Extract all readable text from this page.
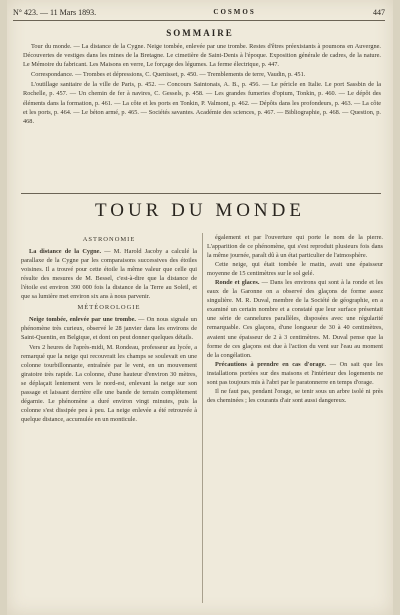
N° 423. — 11 Mars 1893.	COSMOS	447
SOMMAIRE

Tour du monde. — La distance de la Cygne. Neige tombée, enlevée par une trombe. Restes d'êtres préexistants à poumons en Auvergne. Découvertes de vestiges dans les mines de la Bretagne. Le cimetière de Saint-Denis à l'époque. Exposition générale de cadres, de la nature. Le Mémoire du fabricant. Les Maisons en verre, Le forçage des légumes. La ferme électrique, p. 447.

Correspondance. — Trombes et dépressions, C. Quenisset, p. 450. — Tremblements de terre, Vaudin, p. 451.

L'outillage sanitaire de la ville de Paris, p. 452. — Concours Saintonais, A. B., p. 456. — Le péricle en Italie. Le port Sassbin de la Rochelle, p. 457. — Un chemin de fer à navires, C. Gessels, p. 458. — Les grandes fumeries d'opium, Tonkin, p. 460. — Le dépôt des éléments dans la formation, p. 461. — La côte et les ports en Tonkin, P. Valmont, p. 462. — Dépôts dans les profondeurs, p. 463. — La côte et les ports, p. 464. — Le béton armé, p. 465. — Sociétés savantes. Académie des sciences, p. 467. — Bibliographie, p. 468. — Question, p. 468.

TOUR DU MONDE
ASTRONOMIE

La distance de la Cygne. — M. Harold Jacoby a calculé la parallaxe de la Cygne par les comparaisons successives des étoiles voisines. Il a trouvé pour cette étoile la même valeur que celle qui résulte des mesures de M. Bessel, c'est-à-dire que la distance de l'étoile est environ 390 000 fois la distance de la Terre au Soleil, et que sa lumière met environ six ans à nous parvenir.

MÉTÉOROLOGIE

Neige tombée, enlevée par une trombe. — On nous signale un phénomène très curieux, observé le 28 janvier dans les environs de Saint-Quentin, en Belgique, et dont on peut donner quelques détails.

Vers 2 heures de l'après-midi, M. Rondeau, professeur au lycée, a remarqué que la neige qui recouvrait les champs se soulevait en une colonne tourbillonnante, entraînée par le vent, en un mouvement giratoire très rapide. La colonne, d'une hauteur d'environ 30 mètres, se déplaçait lentement vers le nord-est, enlevant la neige sur son passage et laissant derrière elle une bande de terrain complètement dégarnie. Le phénomène a duré environ vingt minutes, puis la colonne s'est dissipée peu à peu. La neige enlevée a été retrouvée à quelque distance, accumulée en un monticule.

également et par l'ouverture qui porte le nom de la pierre. L'apparition de ce phénomène, qui s'est reproduit plusieurs fois dans la même journée, paraît dû à un état particulier de l'atmosphère.

Cette neige, qui était tombée le matin, avait une épaisseur moyenne de 15 centimètres sur le sol gelé.

Ronde et glaces. — Dans les environs qui sont à la ronde et les eaux de la Garonne on a observé des glaçons de forme assez singulière. M. R. Duval, membre de la Société de géographie, en a examiné un certain nombre et a constaté que leur surface présentait une série de cannelures parallèles, disposées avec une régularité remarquable. Ces glaçons, d'une longueur de 30 à 40 centimètres, avaient une épaisseur de 2 à 3 centimètres. M. Duval pense que la forme de ces glaçons est due à l'action du vent sur l'eau au moment de la congélation.

Précautions à prendre en cas d'orage. — On sait que les installations portées sur des maisons et l'intérieur des logements ne sont pas toujours mis à l'abri par le paratonnerre en temps d'orage.

Il ne faut pas, pendant l'orage, se tenir sous un arbre isolé ni près des cheminées ; les courants d'air sont aussi dangereux.
